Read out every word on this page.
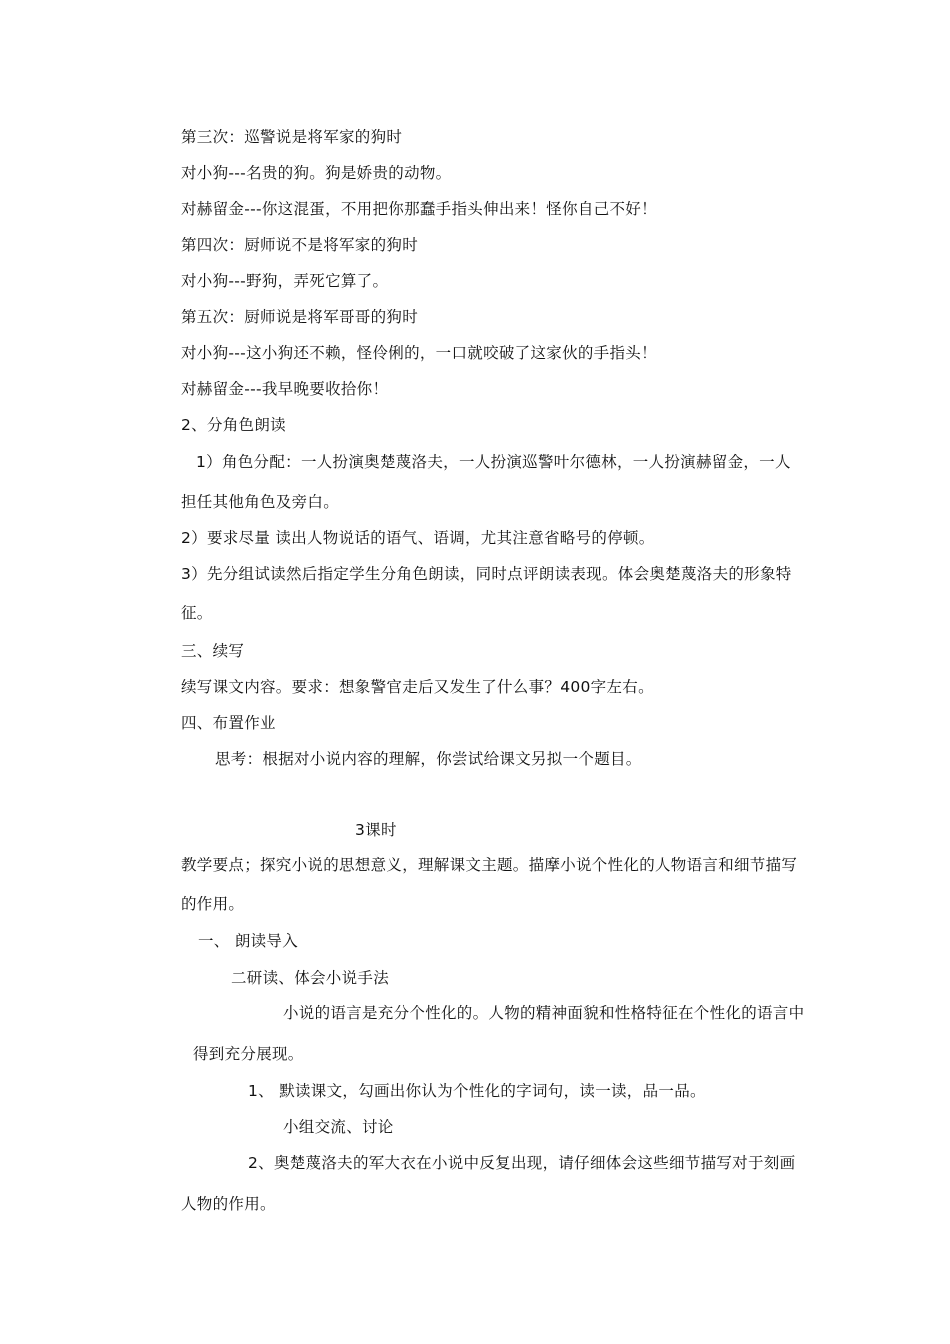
第三次：巡警说是将军家的狗时
对小狗---名贵的狗。狗是娇贵的动物。
对赫留金---你这混蛋，不用把你那蠢手指头伸出来！怪你自己不好！
第四次：厨师说不是将军家的狗时
对小狗---野狗，弄死它算了。
第五次：厨师说是将军哥哥的狗时
对小狗---这小狗还不赖，怪伶俐的，一口就咬破了这家伙的手指头！
对赫留金---我早晚要收拾你！
2、分角色朗读
1）角色分配：一人扮演奥楚蔑洛夫，一人扮演巡警叶尔德林，一人扮演赫留金，一人
担任其他角色及旁白。
2）要求尽量 读出人物说话的语气、语调，尤其注意省略号的停顿。
3）先分组试读然后指定学生分角色朗读，同时点评朗读表现。体会奥楚蔑洛夫的形象特
征。
三、续写
续写课文内容。要求：想象警官走后又发生了什么事？400字左右。
四、布置作业
思考：根据对小说内容的理解，你尝试给课文另拟一个题目。
3课时
教学要点；探究小说的思想意义，理解课文主题。描摩小说个性化的人物语言和细节描写
的作用。
一、 朗读导入
二研读、体会小说手法
小说的语言是充分个性化的。人物的精神面貌和性格特征在个性化的语言中
得到充分展现。
1、 默读课文，勾画出你认为个性化的字词句，读一读，品一品。
小组交流、讨论
2、奥楚蔑洛夫的军大衣在小说中反复出现，请仔细体会这些细节描写对于刻画
人物的作用。
